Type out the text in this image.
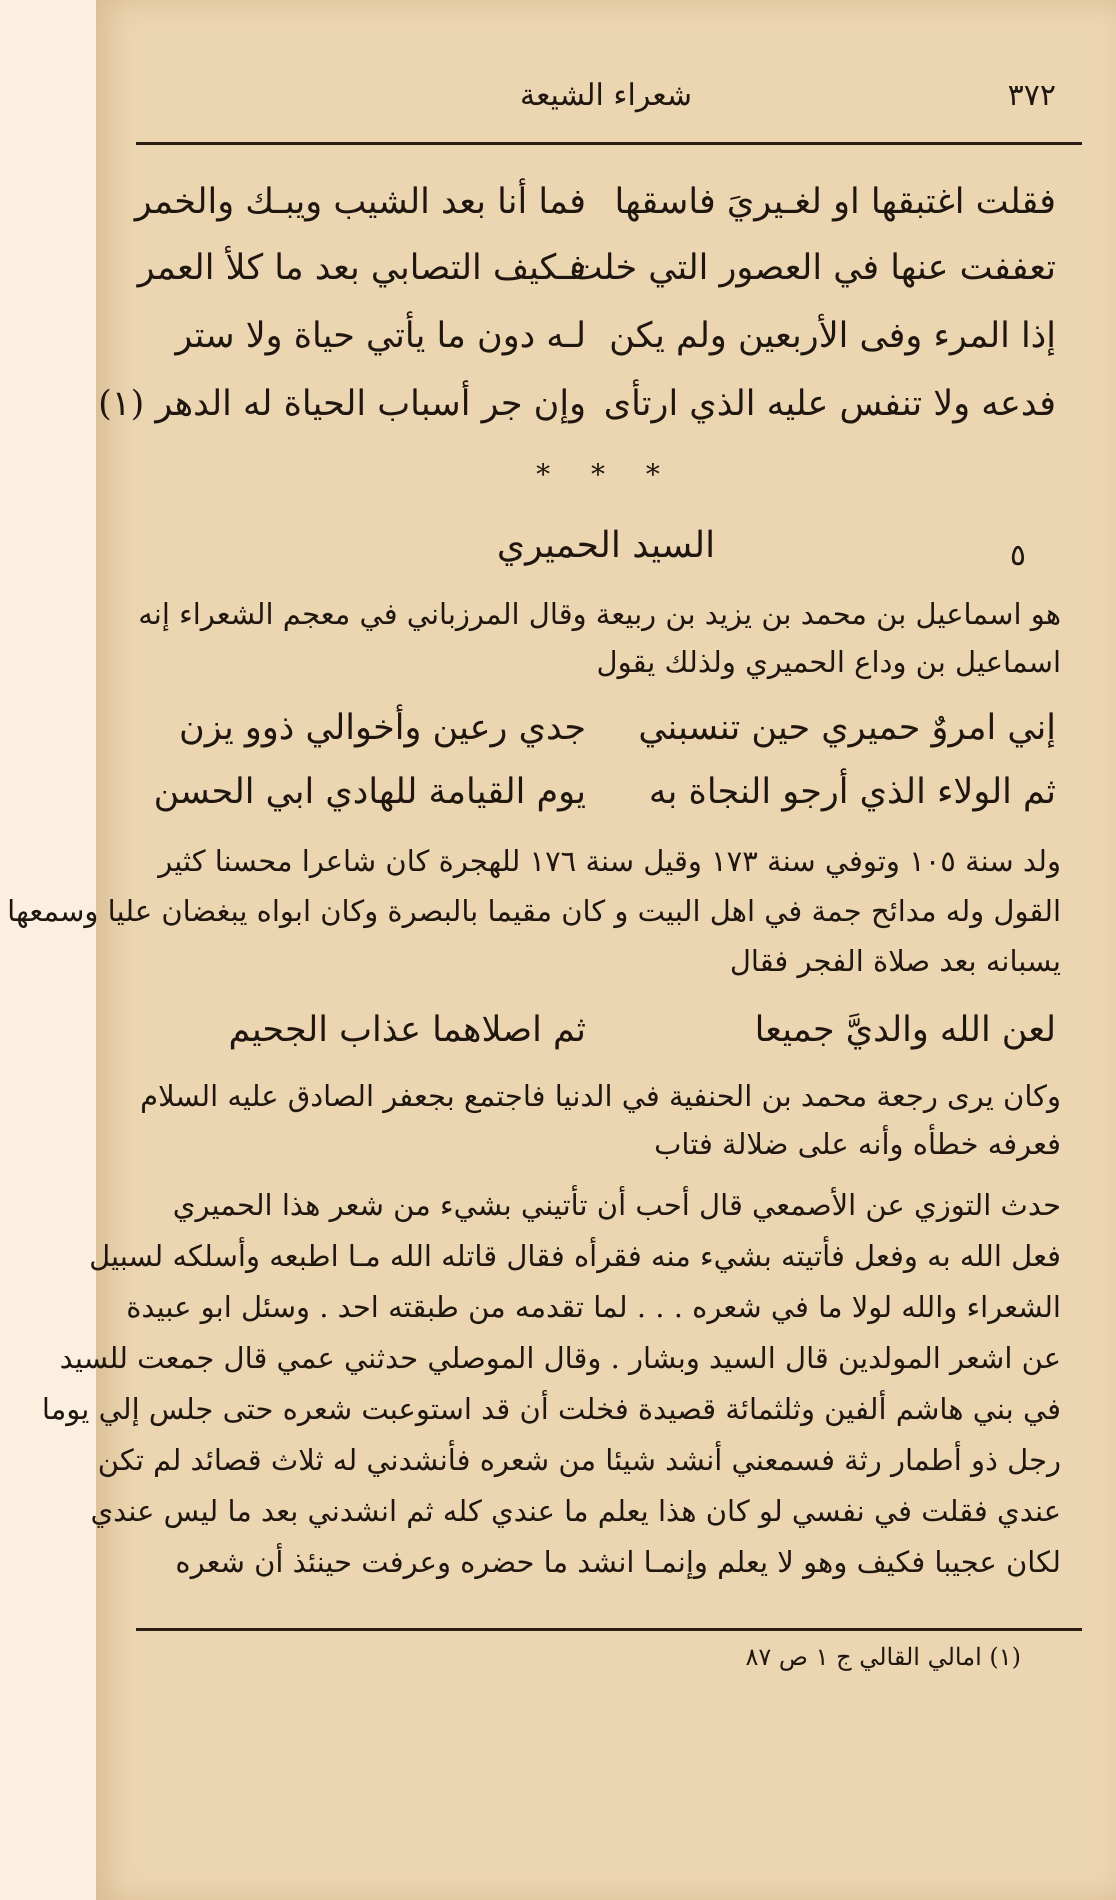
٣٧٢
شعراء الشيعة
فقلت اغتبقها او لغـيريَ فاسقها
فما أنا بعد الشيب ويبـك والخمر
تعففت عنها في العصور التي خلت
فـكيف التصابي بعد ما كلأ العمر
إذا المرء وفى الأربعين ولم يكن
لـه دون ما يأتي حياة ولا ستر
فدعه ولا تنفس عليه الذي ارتأى
وإن جر أسباب الحياة له الدهر (١)
* * *
٥
السيد الحميري
هو اسماعيل بن محمد بن يزيد بن ربيعة وقال المرزباني في معجم الشعراء إنه
اسماعيل بن وداع الحميري ولذلك يقول
إني امروٌ حميري حين تنسبني
جدي رعين وأخوالي ذوو يزن
ثم الولاء الذي أرجو النجاة به
يوم القيامة للهادي ابي الحسن
ولد سنة ١٠٥ وتوفي سنة ١٧٣ وقيل سنة ١٧٦ للهجرة كان شاعرا محسنا كثير
القول وله مدائح جمة في اهل البيت و كان مقيما بالبصرة وكان ابواه يبغضان عليا وسمعها
يسبانه بعد صلاة الفجر فقال
لعن الله والديَّ جميعا
ثم اصلاهما عذاب الجحيم
وكان يرى رجعة محمد بن الحنفية في الدنيا فاجتمع بجعفر الصادق عليه السلام
فعرفه خطأه وأنه على ضلالة فتاب
حدث التوزي عن الأصمعي قال أحب أن تأتيني بشيء من شعر هذا الحميري
فعل الله به وفعل فأتيته بشيء منه فقرأه فقال قاتله الله مـا اطبعه وأسلكه لسبيل
الشعراء والله لولا ما في شعره . . . لما تقدمه من طبقته احد . وسئل ابو عبيدة
عن اشعر المولدين قال السيد وبشار . وقال الموصلي حدثني عمي قال جمعت للسيد
في بني هاشم ألفين وثلثمائة قصيدة فخلت أن قد استوعبت شعره حتى جلس إلي يوما
رجل ذو أطمار رثة فسمعني أنشد شيئا من شعره فأنشدني له ثلاث قصائد لم تكن
عندي فقلت في نفسي لو كان هذا يعلم ما عندي كله ثم انشدني بعد ما ليس عندي
لكان عجيبا فكيف وهو لا يعلم وإنمـا انشد ما حضره وعرفت حينئذ أن شعره
(١) امالي القالي ج ١ ص ٨٧
